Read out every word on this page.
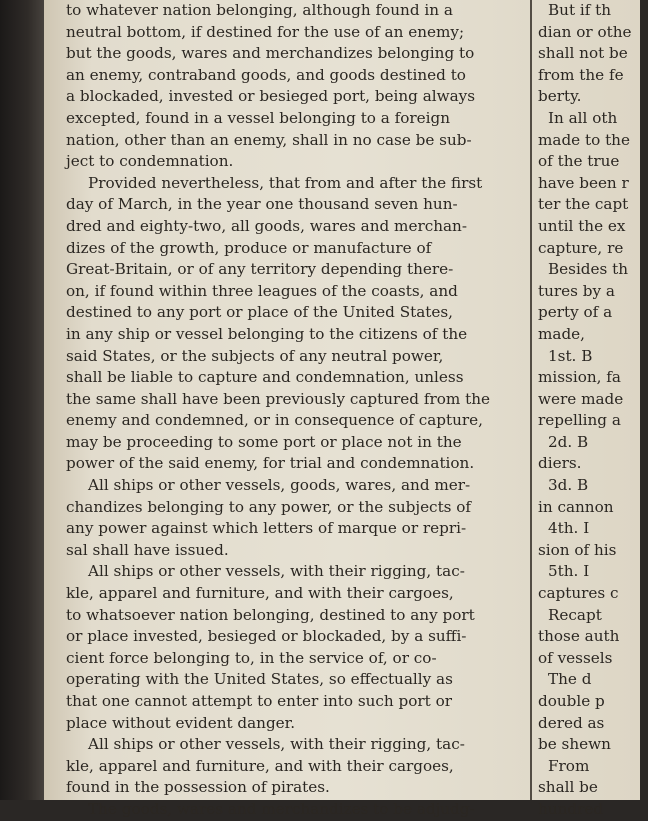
to whatever nation belonging, although found in a
neutral bottom, if destined for the use of an enemy;
but the goods, wares and merchandizes belonging to
an enemy, contraband goods, and goods destined to
a blockaded, invested or besieged port, being always
excepted, found in a vessel belonging to a foreign
nation, other than an enemy, shall in no case be sub-
ject to condemnation.
Provided nevertheless, that from and after the first
day of March, in the year one thousand seven hun-
dred and eighty-two, all goods, wares and merchan-
dizes of the growth, produce or manufacture of
Great-Britain, or of any territory depending there-
on, if found within three leagues of the coasts, and
destined to any port or place of the United States,
in any ship or vessel belonging to the citizens of the
said States, or the subjects of any neutral power,
shall be liable to capture and condemnation, unless
the same shall have been previously captured from the
enemy and condemned, or in consequence of capture,
may be proceeding to some port or place not in the
power of the said enemy, for trial and condemnation.
All ships or other vessels, goods, wares, and mer-
chandizes belonging to any power, or the subjects of
any power against which letters of marque or repri-
sal shall have issued.
All ships or other vessels, with their rigging, tac-
kle, apparel and furniture, and with their cargoes,
to whatsoever nation belonging, destined to any port
or place invested, besieged or blockaded, by a suffi-
cient force belonging to, in the service of, or co-
operating with the United States, so effectually as
that one cannot attempt to enter into such port or
place without evident danger.
All ships or other vessels, with their rigging, tac-
kle, apparel and furniture, and with their cargoes,
found in the possession of pirates.
The goods, wares and merchandizes to be adjudg-
But if th
dian or othe
shall not be
from the fe
berty.
In all oth
made to the
of the true
have been r
ter the capt
until the ex
capture, re
Besides th
tures by a
perty of a
made,
1st. B
mission, fa
were made
repelling a
2d. B
diers.
3d. B
in cannon
4th. I
sion of his
5th. I
captures c
Recapt
those auth
of vessels
The d
double p
dered as
be shewn
From
shall be
hundred
